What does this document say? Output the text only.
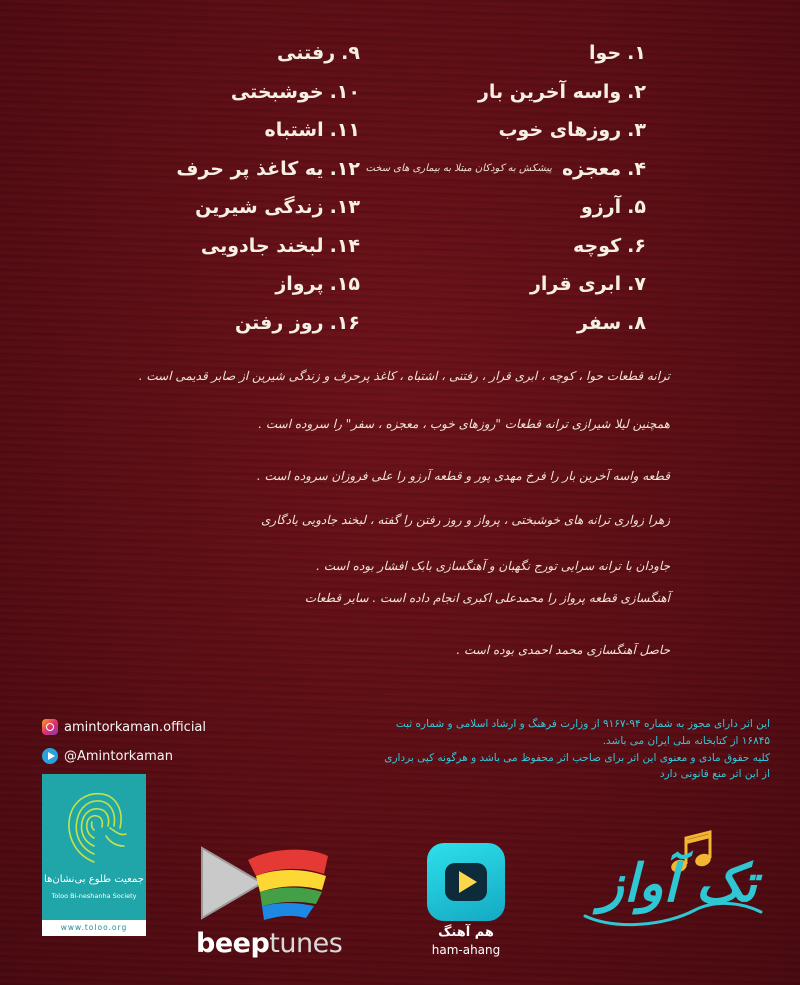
۱.
حوا
۲.
واسه آخرین بار
۳.
روزهای خوب
۴.
معجزه
پیشکش به کودکان مبتلا به بیماری های سخت
۵.
آرزو
۶.
کوچه
۷.
ابری قرار
۸.
سفر
۹.
رفتنی
۱۰.
خوشبختی
۱۱.
اشتباه
۱۲.
یه کاغذ پر حرف
۱۳.
زندگی شیرین
۱۴.
لبخند جادویی
۱۵.
پرواز
۱۶.
روز رفتن

ترانه قطعات حوا ، کوچه ، ابری قرار ، رفتنی ، اشتباه ، کاغذ پرحرف و زندگی شیرین از صابر قدیمی است .

همچنین لیلا شیرازی ترانه قطعات "روزهای خوب ، معجزه ، سفر" را سروده است .

قطعه واسه آخرین بار را فرخ مهدی پور و قطعه آرزو را علی فروزان سروده است .

زهرا زواری ترانه های خوشبختی ، پرواز و روز رفتن را گفته ، لبخند جادویی یادگاری

جاودان با ترانه سرایی تورج نگهبان و آهنگسازی بابک افشار بوده است .

آهنگسازی قطعه پرواز را محمدعلی اکبری انجام داده است . سایر قطعات

حاصل آهنگسازی محمد احمدی بوده است .

این اثر دارای مجوز به شماره ۹۴-۹۱۶۷ از وزارت فرهنگ و ارشاد اسلامی و شماره ثبت
۱۶۸۴۵ از کتابخانه ملی ایران می باشد.
کلیه حقوق مادی و معنوی این اثر برای صاحب اثر محفوظ می باشد و هرگونه کپی برداری
از این اثر منع قانونی دارد
amintorkaman.official
@Amintorkaman
جمعیت طلوع بی‌نشان‌ها
Toloo Bi-neshanha Society
www.toloo.org
beeptunes	هم آهنگ
ham-ahang
تک آواز
